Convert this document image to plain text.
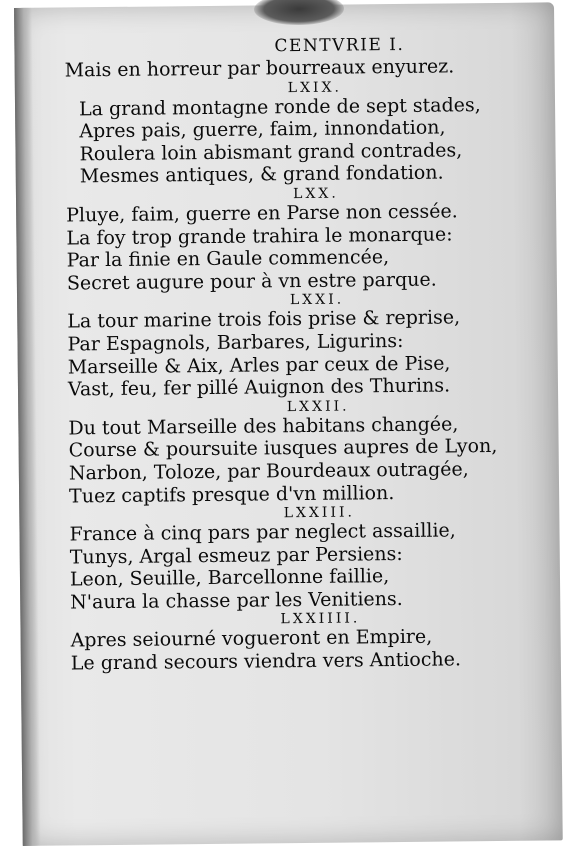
CENTVRIE I.
Mais en horreur par bourreaux enyurez.
LXIX.
La grand montagne ronde de sept stades,
Apres pais, guerre, faim, innondation,
Roulera loin abismant grand contrades,
Mesmes antiques, & grand fondation.
LXX.
Pluye, faim, guerre en Parse non cessée.
La foy trop grande trahira le monarque:
Par la finie en Gaule commencée,
Secret augure pour à vn estre parque.
LXXI.
La tour marine trois fois prise & reprise,
Par Espagnols, Barbares, Ligurins:
Marseille & Aix, Arles par ceux de Pise,
Vast, feu, fer pillé Auignon des Thurins.
LXXII.
Du tout Marseille des habitans changée,
Course & poursuite iusques aupres de Lyon,
Narbon, Toloze, par Bourdeaux outragée,
Tuez captifs presque d'vn million.
LXXIII.
France à cinq pars par neglect assaillie,
Tunys, Argal esmeuz par Persiens:
Leon, Seuille, Barcellonne faillie,
N'aura la chasse par les Venitiens.
LXXIIII.
Apres seiourné vogueront en Empire,
Le grand secours viendra vers Antioche.
